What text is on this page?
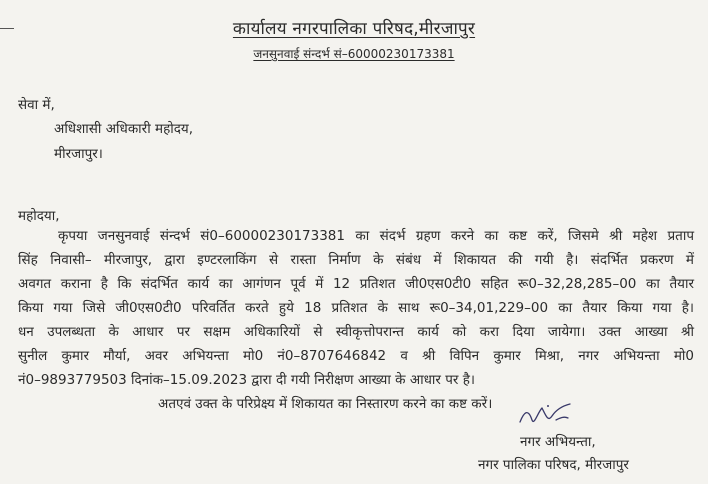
कार्यालय नगरपालिका परिषद,मीरजापुर
जनसुनवाई संन्दर्भ सं–60000230173381
सेवा में,
अधिशासी अधिकारी महोदय,
मीरजापुर।
महोदया,
कृपया जनसुनवाई संन्दर्भ सं0–60000230173381 का संदर्भ ग्रहण करने का कष्ट करें, जिसमे श्री महेश प्रताप
सिंह निवासी– मीरजापुर, द्वारा इण्टरलाकिंग से रास्ता निर्माण के संबंध में शिकायत की गयी है। संदर्भित प्रकरण में
अवगत कराना है कि संदर्भित कार्य का आगंणन पूर्व में 12 प्रतिशत जी0एस0टी0 सहित रू0–32,28,285–00 का तैयार
किया गया जिसे जी0एस0टी0 परिवर्तित करते हुये 18 प्रतिशत के साथ रू0–34,01,229–00 का तैयार किया गया है।
धन उपलब्धता के आधार पर सक्षम अधिकारियों से स्वीकृत्तोपरान्त कार्य को करा दिया जायेगा। उक्त आख्या श्री
सुनील कुमार मौर्या, अवर अभियन्ता मो0 नं0–8707646842 व श्री विपिन कुमार मिश्रा, नगर अभियन्ता मो0
नं0–9893779503 दिनांक–15.09.2023 द्वारा दी गयी निरीक्षण आख्या के आधार पर है।
अतएवं उक्त के परिप्रेक्ष्य में शिकायत का निस्तारण करने का कष्ट करें।
नगर अभियन्ता,
नगर पालिका परिषद, मीरजापुर
